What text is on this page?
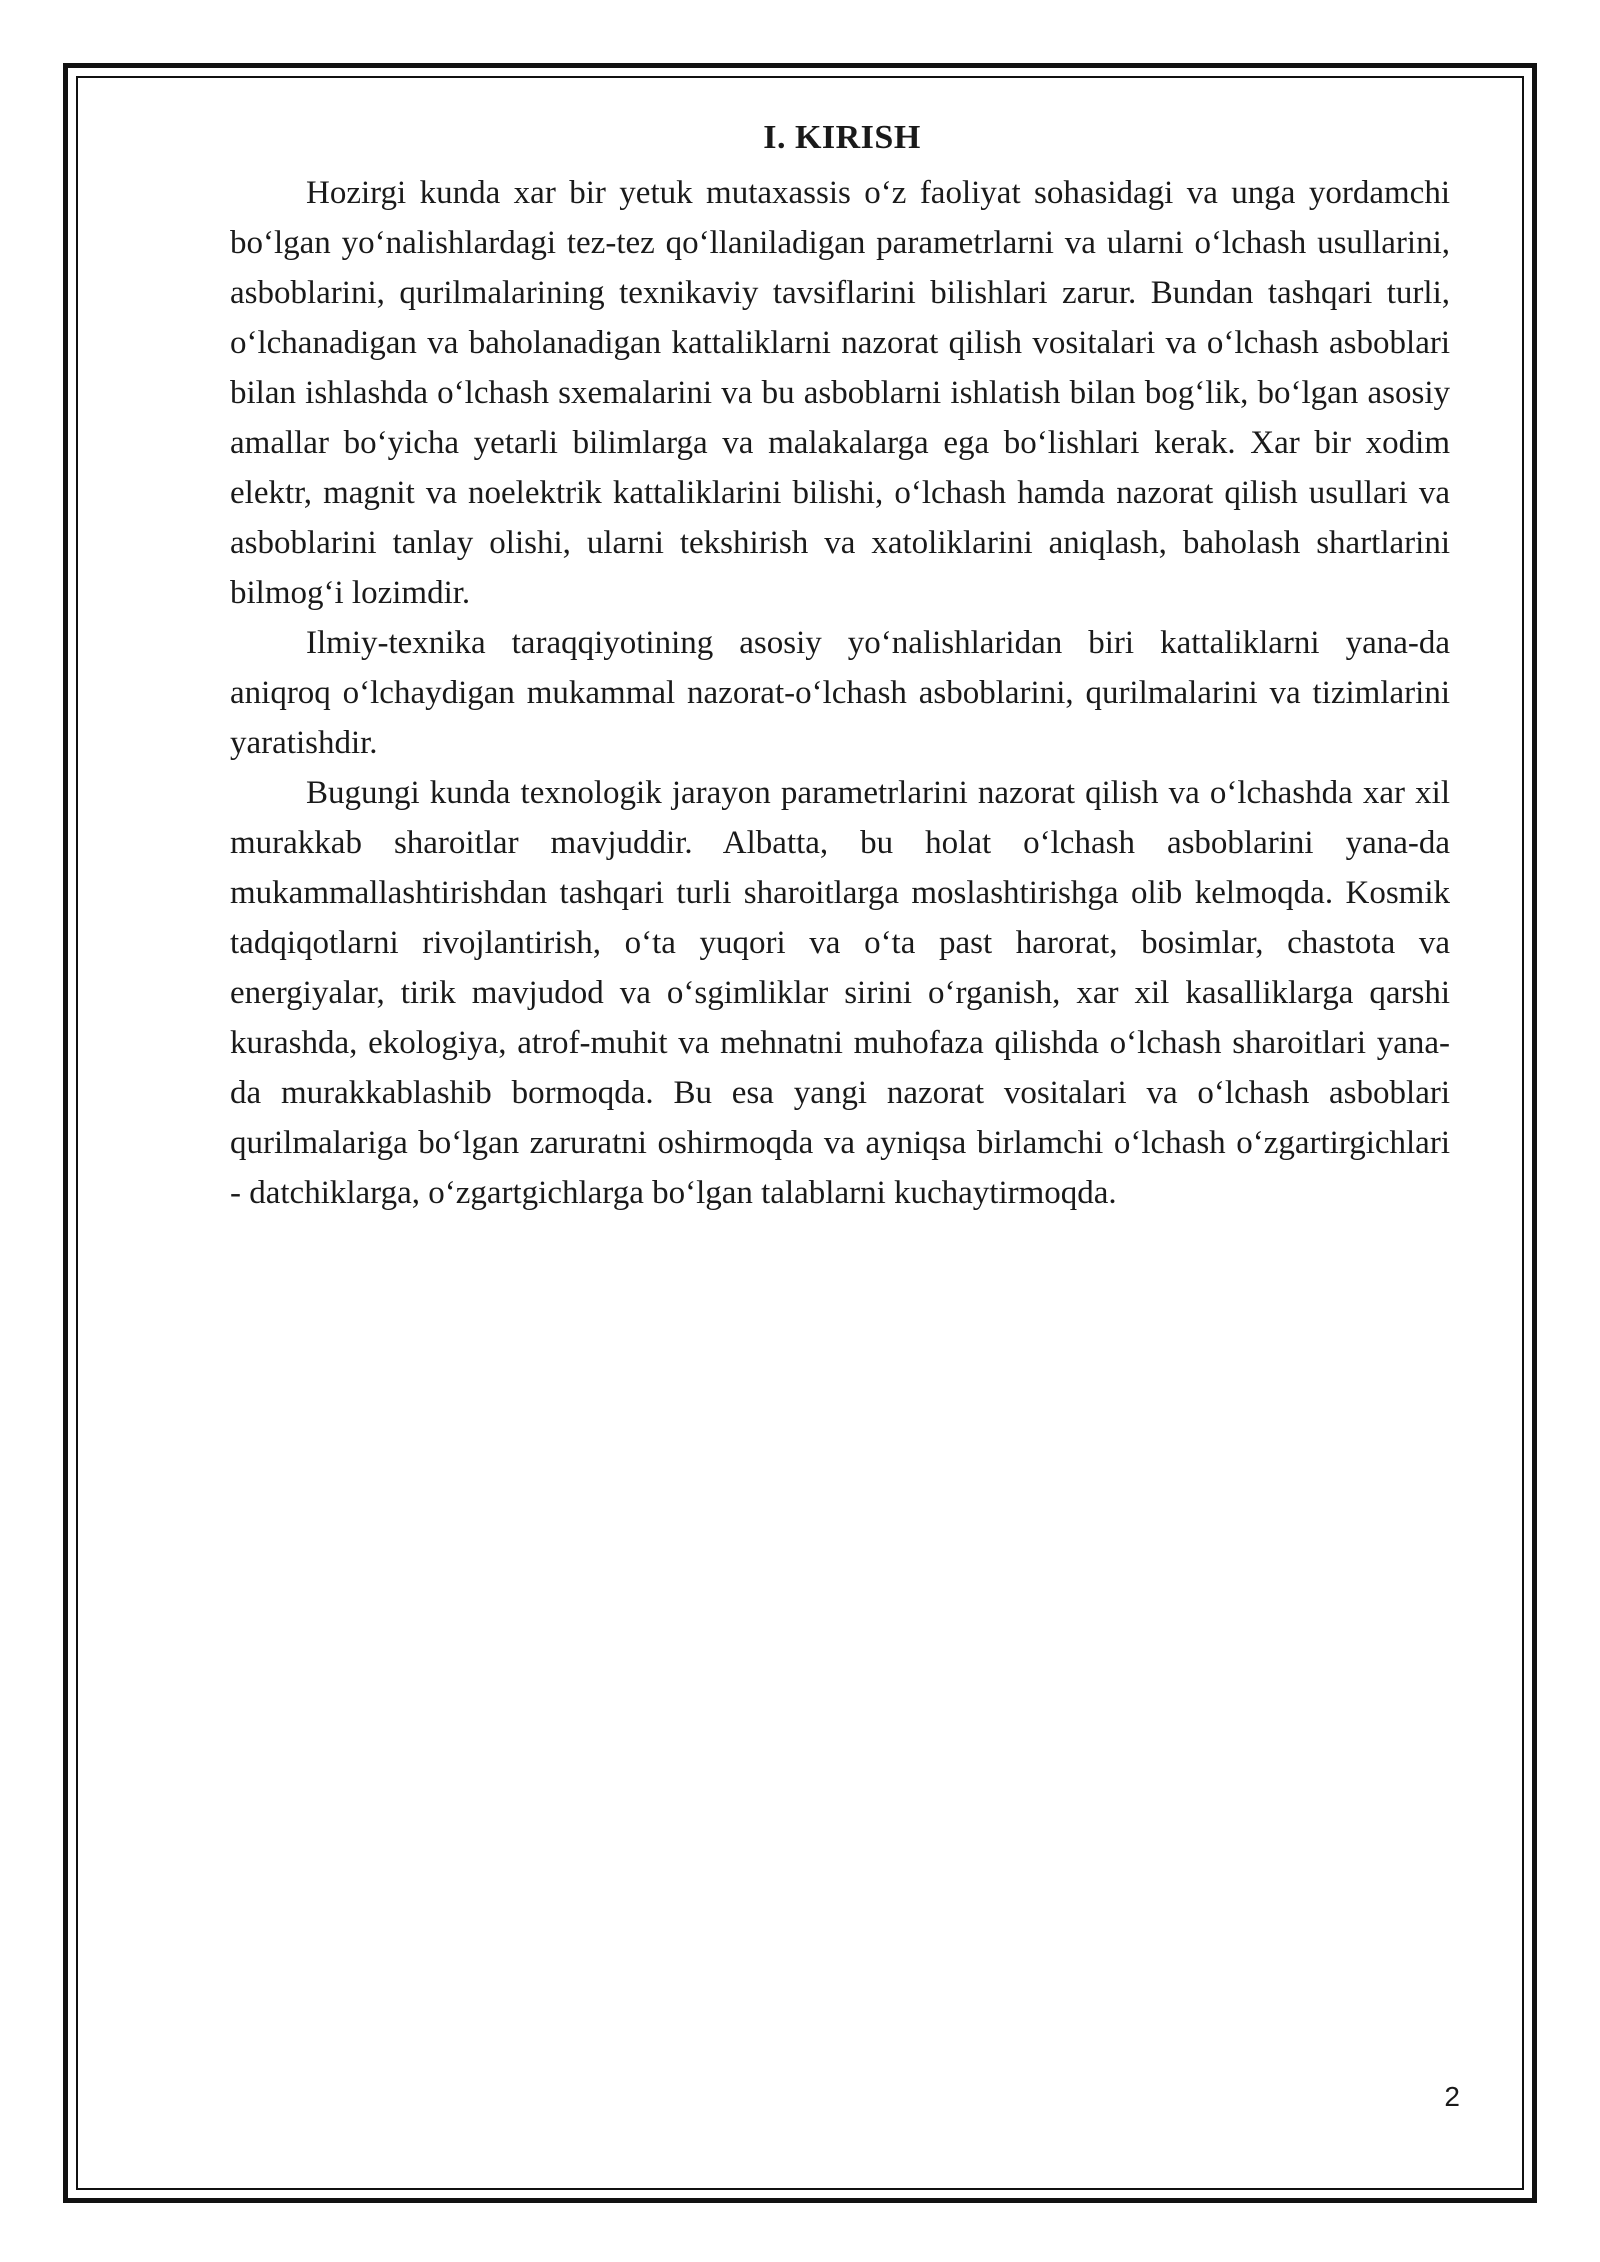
I. KIRISH

Hozirgi kunda xar bir yetuk mutaxassis o‘z faoliyat sohasidagi va unga yordamchi bo‘lgan yo‘nalishlardagi tez-tez qo‘llaniladigan parametrlarni va ularni o‘lchash usullarini, asboblarini, qurilmalarining texnikaviy tavsiflarini bilishlari zarur. Bundan tashqari turli, o‘lchanadigan va baholanadigan kattaliklarni nazorat qilish vositalari va o‘lchash asboblari bilan ishlashda o‘lchash sxemalarini va bu asboblarni ishlatish bilan bog‘lik, bo‘lgan asosiy amallar bo‘yicha yetarli bilimlarga va malakalarga ega bo‘lishlari kerak. Xar bir xodim elektr, magnit va noelektrik kattaliklarini bilishi, o‘lchash hamda nazorat qilish usullari va asboblarini tanlay olishi, ularni tekshirish va xatoliklarini aniqlash, baholash shartlarini bilmog‘i lozimdir.

Ilmiy-texnika taraqqiyotining asosiy yo‘nalishlaridan biri kattaliklarni yana-da aniqroq o‘lchaydigan mukammal nazorat-o‘lchash asboblarini, qurilmalarini va tizimlarini yaratishdir.

Bugungi kunda texnologik jarayon parametrlarini nazorat qilish va o‘lchashda xar xil murakkab sharoitlar mavjuddir. Albatta, bu holat o‘lchash asboblarini yana-da mukammallashtirishdan tashqari turli sharoitlarga moslashtirishga olib kelmoqda. Kosmik tadqiqotlarni rivojlantirish, o‘ta yuqori va o‘ta past harorat, bosimlar, chastota va energiyalar, tirik mavjudod va o‘sgimliklar sirini o‘rganish, xar xil kasalliklarga qarshi kurashda, ekologiya, atrof-muhit va mehnatni muhofaza qilishda o‘lchash sharoitlari yana-da murakkablashib bormoqda. Bu esa yangi nazorat vositalari va o‘lchash asboblari qurilmalariga bo‘lgan zaruratni oshirmoqda va ayniqsa birlamchi o‘lchash o‘zgartirgichlari - datchiklarga, o‘zgartgichlarga bo‘lgan talablarni kuchaytirmoqda.

2
